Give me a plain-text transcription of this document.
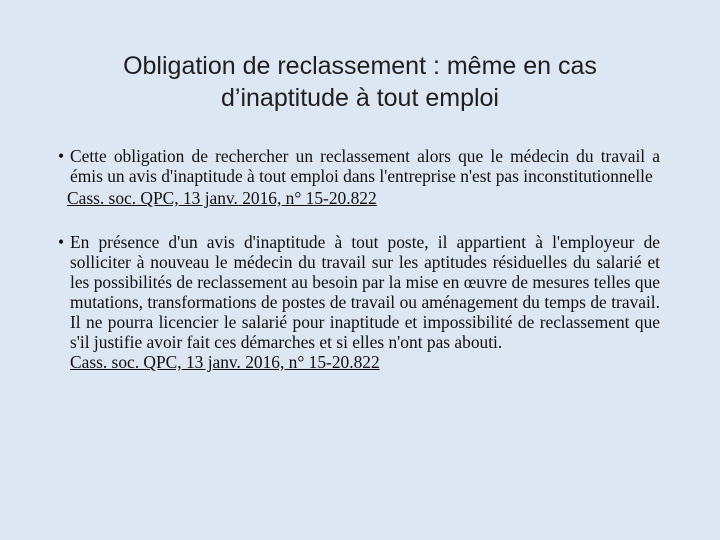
Obligation de reclassement : même en cas
d’inaptitude à tout emploi
• Cette obligation de rechercher un reclassement alors que le médecin du travail a émis un avis d'inaptitude à tout emploi dans l'entreprise n'est pas inconstitutionnelle
Cass. soc. QPC, 13 janv. 2016, n° 15-20.822
• En présence d'un avis d'inaptitude à tout poste, il appartient à l'employeur de solliciter à nouveau le médecin du travail sur les aptitudes résiduelles du salarié et les possibilités de reclassement au besoin par la mise en œuvre de mesures telles que mutations, transformations de postes de travail ou aménagement du temps de travail. Il ne pourra licencier le salarié pour inaptitude et impossibilité de reclassement que s'il justifie avoir fait ces démarches et si elles n'ont pas abouti.
Cass. soc. QPC, 13 janv. 2016, n° 15-20.822
